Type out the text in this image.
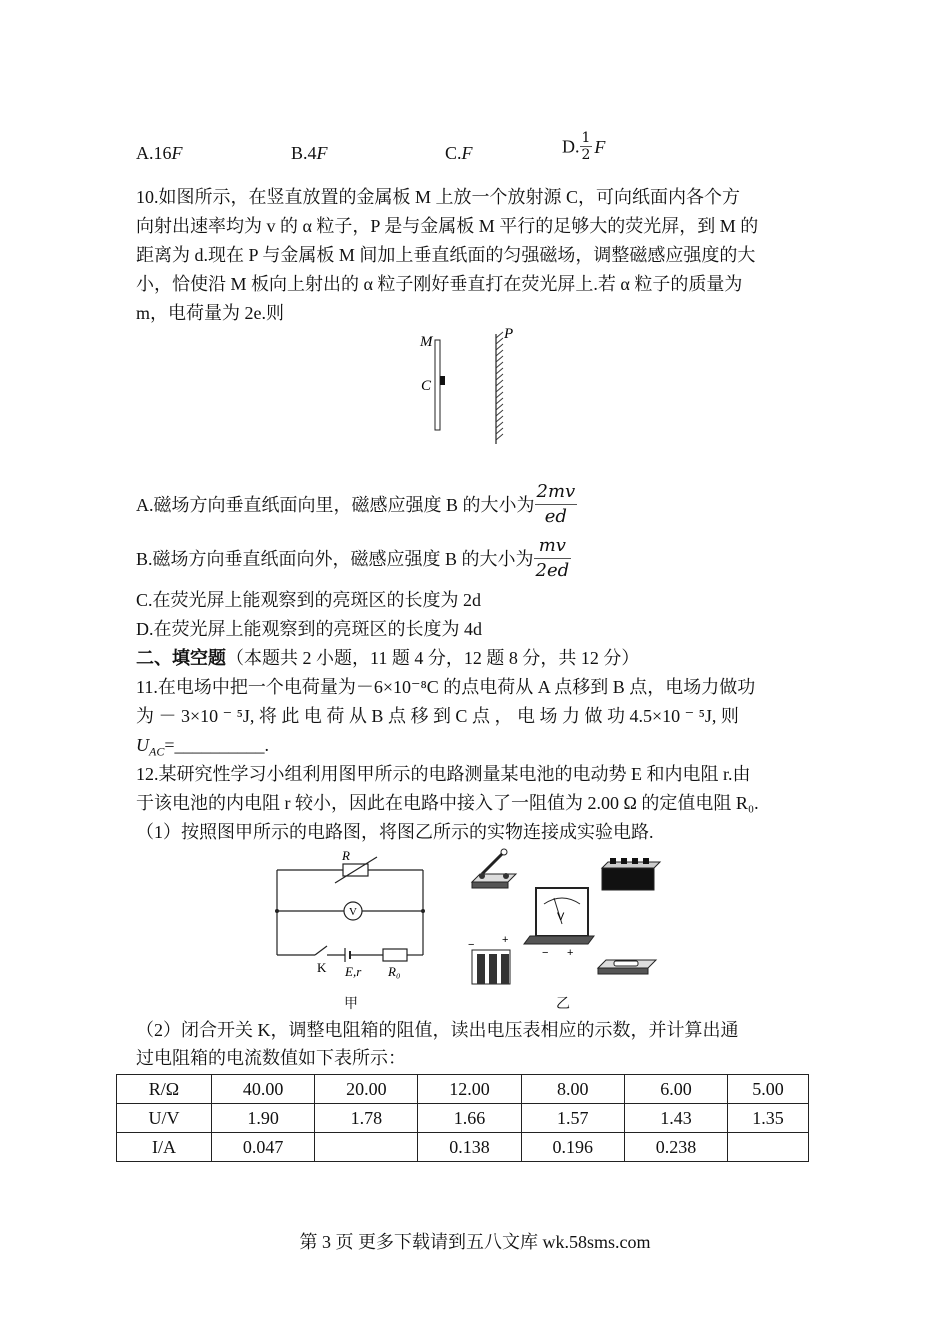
A.16F	B.4F	C.F	D. $\frac{1}{2}$ F
10.如图所示，在竖直放置的金属板 M 上放一个放射源 C，可向纸面内各个方
向射出速率均为 v 的 α 粒子，P 是与金属板 M 平行的足够大的荧光屏，到 M 的
距离为 d.现在 P 与金属板 M 间加上垂直纸面的匀强磁场，调整磁感应强度的大
小，恰使沿 M 板向上射出的 α 粒子刚好垂直打在荧光屏上.若 α 粒子的质量为
m，电荷量为 2e.则
M
C
P
A.磁场方向垂直纸面向里，磁感应强度 B 的大小为 $\frac{2mv}{ed}$
B.磁场方向垂直纸面向外，磁感应强度 B 的大小为 $\frac{mv}{2ed}$
C.在荧光屏上能观察到的亮斑区的长度为 2d
D.在荧光屏上能观察到的亮斑区的长度为 4d
二、填空题（本题共 2 小题，11 题 4 分，12 题 8 分，共 12 分）
11.在电场中把一个电荷量为－6×10⁻⁸C 的点电荷从 A 点移到 B 点，电场力做功
为 － 3×10 ⁻ ⁵J, 将 此 电 荷 从 B 点 移 到 C 点 ， 电 场 力 做 功 4.5×10 ⁻ ⁵J, 则
$U_{AC}=\_\_\_\_\_\_\_\_\_\_$.
12.某研究性学习小组利用图甲所示的电路测量某电池的电动势 E 和内电阻 r.由
于该电池的内电阻 r 较小，因此在电路中接入了一阻值为 2.00 Ω 的定值电阻 R₀.
（1）按照图甲所示的电路图，将图乙所示的实物连接成实验电路.
R
V
K E,r R₀
甲
V
− +
−	+
乙
（2）闭合开关 K，调整电阻箱的阻值，读出电压表相应的示数，并计算出通
过电阻箱的电流数值如下表所示：
R/Ω	40.00	20.00	12.00	8.00	6.00	5.00
U/V	1.90	1.78	1.66	1.57	1.43	1.35
I/A	0.047		0.138	0.196	0.238	
第 3 页 更多下载请到五八文库 wk.58sms.com
